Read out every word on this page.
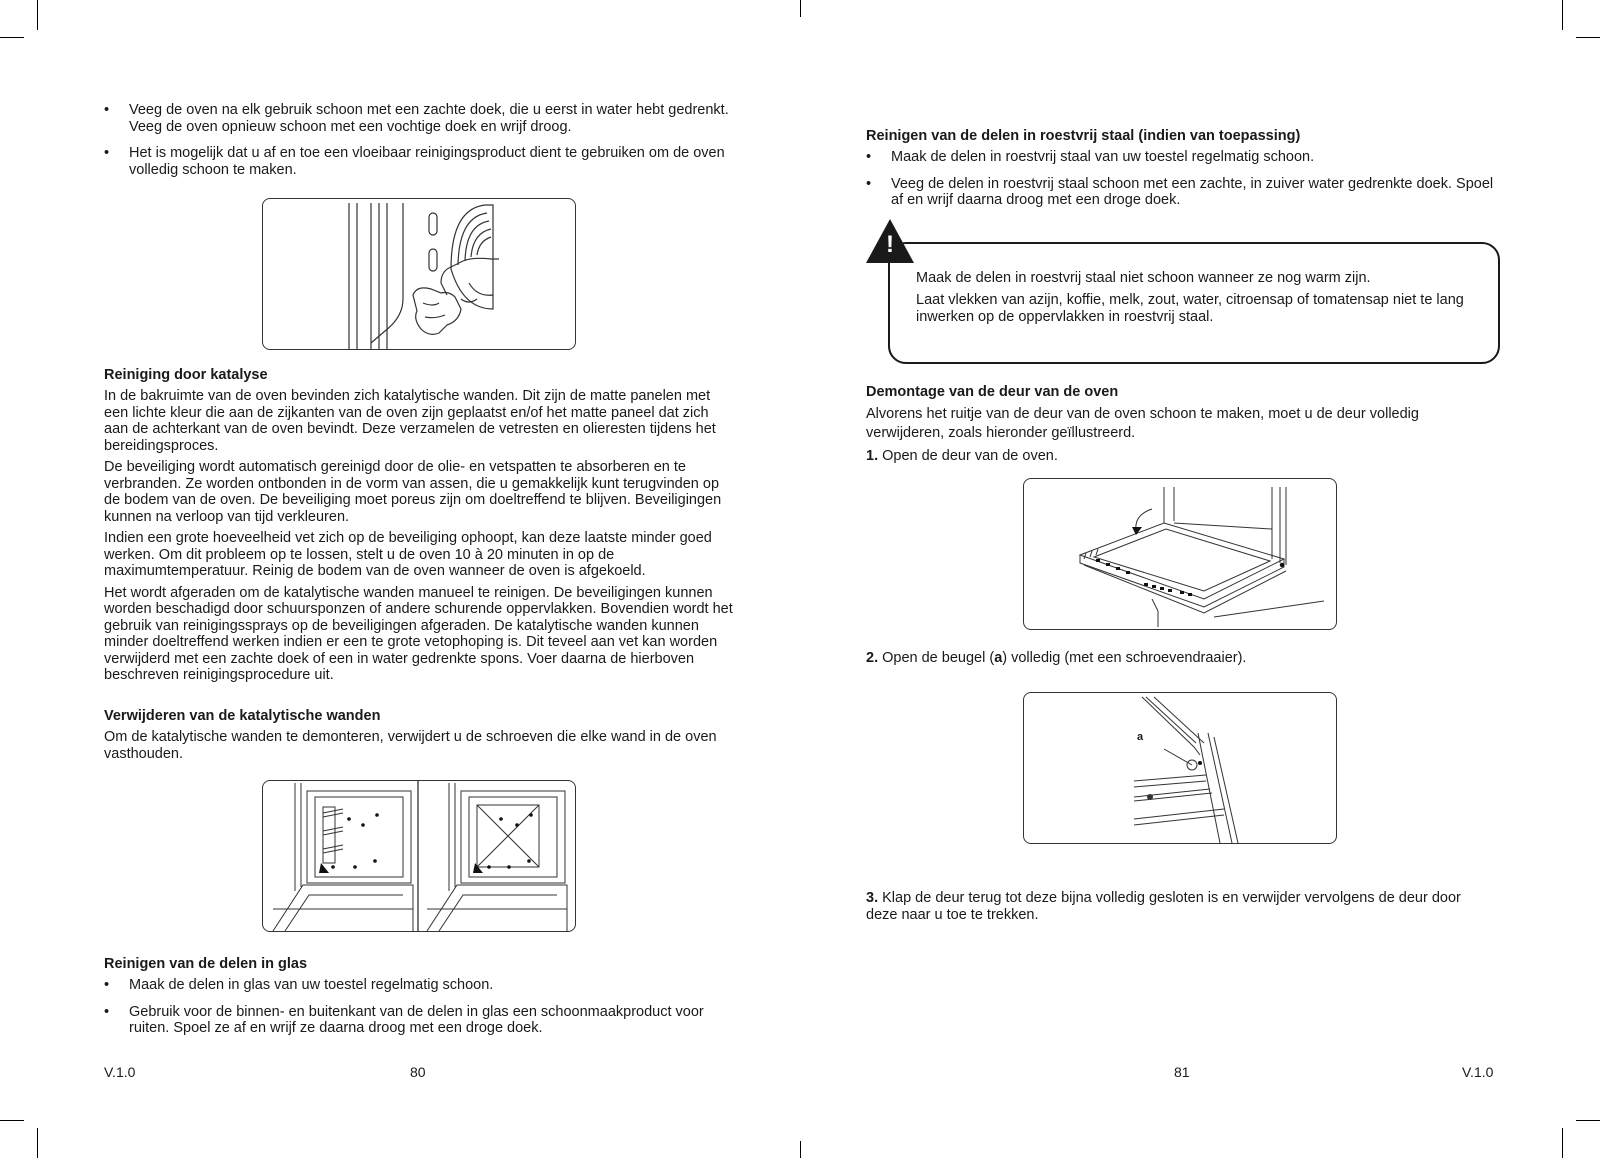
• Veeg de oven na elk gebruik schoon met een zachte doek, die u eerst in water hebt gedrenkt. Veeg de oven opnieuw schoon met een vochtige doek en wrijf droog.
• Het is mogelijk dat u af en toe een vloeibaar reinigingsproduct dient te gebruiken om de oven volledig schoon te maken.
Reiniging door katalyse

In de bakruimte van de oven bevinden zich katalytische wanden. Dit zijn de matte panelen met een lichte kleur die aan de zijkanten van de oven zijn geplaatst en/of het matte paneel dat zich aan de achterkant van de oven bevindt. Deze verzamelen de vetresten en olieresten tijdens het bereidingsproces.

De beveiliging wordt automatisch gereinigd door de olie- en vetspatten te absorberen en te verbranden. Ze worden ontbonden in de vorm van assen, die u gemakkelijk kunt terugvinden op de bodem van de oven. De beveiliging moet poreus zijn om doeltreffend te blijven. Beveiligingen kunnen na verloop van tijd verkleuren.

Indien een grote hoeveelheid vet zich op de beveiliging ophoopt, kan deze laatste minder goed werken. Om dit probleem op te lossen, stelt u de oven 10 à 20 minuten in op de maximumtemperatuur. Reinig de bodem van de oven wanneer de oven is afgekoeld.

Het wordt afgeraden om de katalytische wanden manueel te reinigen. De beveiligingen kunnen worden beschadigd door schuursponzen of andere schurende oppervlakken. Bovendien wordt het gebruik van reinigingssprays op de beveiligingen afgeraden. De katalytische wanden kunnen minder doeltreffend werken indien er een te grote vetophoping is. Dit teveel aan vet kan worden verwijderd met een zachte doek of een in water gedrenkte spons. Voer daarna de hierboven beschreven reinigingsprocedure uit.

Verwijderen van de katalytische wanden

Om de katalytische wanden te demonteren, verwijdert u de schroeven die elke wand in de oven vasthouden.

Reinigen van de delen in glas
• Maak de delen in glas van uw toestel regelmatig schoon.
• Gebruik voor de binnen- en buitenkant van de delen in glas een schoonmaakproduct voor ruiten. Spoel ze af en wrijf ze daarna droog met een droge doek.
V.1.0	80
Reinigen van de delen in roestvrij staal (indien van toepassing)
• Maak de delen in roestvrij staal van uw toestel regelmatig schoon.
• Veeg de delen in roestvrij staal schoon met een zachte, in zuiver water gedrenkte doek. Spoel af en wrijf daarna droog met een droge doek.
Maak de delen in roestvrij staal niet schoon wanneer ze nog warm zijn.
Laat vlekken van azijn, koffie, melk, zout, water, citroensap of tomatensap niet te lang inwerken op de oppervlakken in roestvrij staal.
!
Demontage van de deur van de oven

Alvorens het ruitje van de deur van de oven schoon te maken, moet u de deur volledig verwijderen, zoals hieronder geïllustreerd.

1. Open de deur van de oven.

2. Open de beugel (a) volledig (met een schroevendraaier).

a

3. Klap de deur terug tot deze bijna volledig gesloten is en verwijder vervolgens de deur door deze naar u toe te trekken.

81	V.1.0
